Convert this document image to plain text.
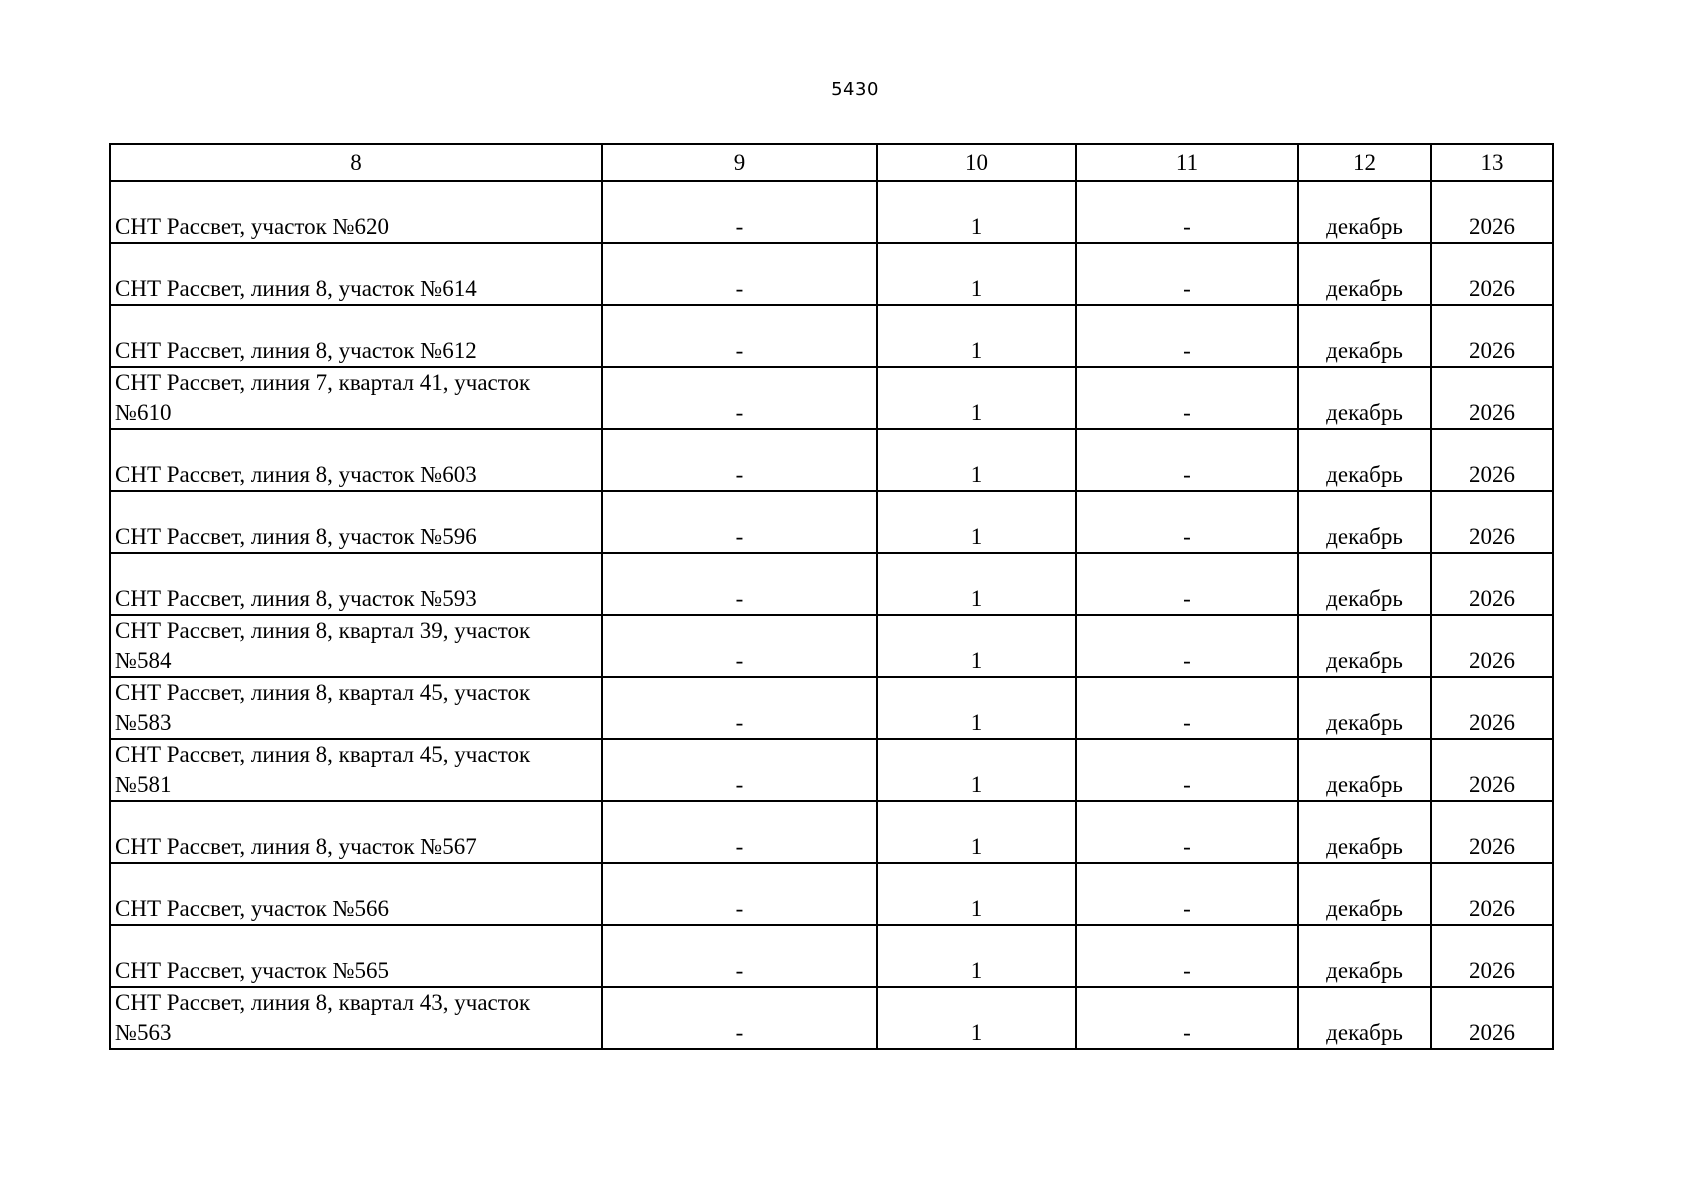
5430
8	9	10	11	12	13
СНТ Рассвет, участок №620	-	1	-	декабрь	2026
СНТ Рассвет, линия 8, участок №614	-	1	-	декабрь	2026
СНТ Рассвет, линия 8, участок №612	-	1	-	декабрь	2026
СНТ Рассвет, линия 7, квартал 41, участок №610	-	1	-	декабрь	2026
СНТ Рассвет, линия 8, участок №603	-	1	-	декабрь	2026
СНТ Рассвет, линия 8, участок №596	-	1	-	декабрь	2026
СНТ Рассвет, линия 8, участок №593	-	1	-	декабрь	2026
СНТ Рассвет, линия 8, квартал 39, участок №584	-	1	-	декабрь	2026
СНТ Рассвет, линия 8, квартал 45, участок №583	-	1	-	декабрь	2026
СНТ Рассвет, линия 8, квартал 45, участок №581	-	1	-	декабрь	2026
СНТ Рассвет, линия 8, участок №567	-	1	-	декабрь	2026
СНТ Рассвет, участок №566	-	1	-	декабрь	2026
СНТ Рассвет, участок №565	-	1	-	декабрь	2026
СНТ Рассвет, линия 8, квартал 43, участок №563	-	1	-	декабрь	2026
